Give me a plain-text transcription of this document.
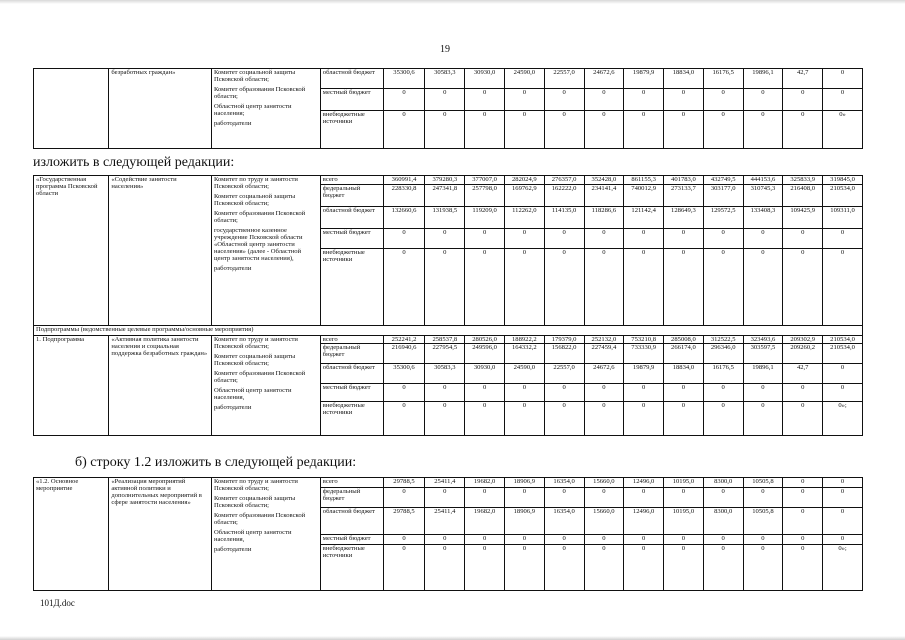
19
	безработных граждан»	Комитет социальной защиты Псковской области;
Комитет образования Псковской области;
Областной центр занятости населения;
работодатели	областной бюджет	35300,6	30583,3	30930,0	24590,0	22557,0	24672,6	19879,9	18834,0	16176,5	19896,1	42,7	0
			местный бюджет	0	0	0	0	0	0	0	0	0	0	0	0
			внебюджетные источники	0	0	0	0	0	0	0	0	0	0	0	0»
изложить в следующей редакции:
«Государственная программа Псковской области	«Содействие занятости населения»	Комитет по труду и занятости Псковской области;
Комитет социальной защиты Псковской области;
Комитет образования Псковской области;
государственное казенное учреждение Псковской области «Областной центр занятости населения» (далее - Областной центр занятости населения),
работодатели	всего	360991,4	379280,3	377007,0	282024,9	276357,0	352428,0	861155,3	401783,0	432749,5	444153,6	325833,9	319845,0
			федеральный бюджет	228330,8	247341,8	257798,0	169762,9	162222,0	234141,4	740012,9	273133,7	303177,0	310745,3	216408,0	210534,0
			областной бюджет	132660,6	131938,5	119209,0	112262,0	114135,0	118286,6	121142,4	128649,3	129572,5	133408,3	109425,9	109311,0
			местный бюджет	0	0	0	0	0	0	0	0	0	0	0	0
			внебюджетные источники	0	0	0	0	0	0	0	0	0	0	0	0
Подпрограммы (ведомственные целевые программы/основные мероприятия)															
1. Подпрограмма	«Активная политика занятости населения и социальная поддержка безработных граждан»	Комитет по труду и занятости Псковской области;
Комитет социальной защиты Псковской области;
Комитет образования Псковской области;
Областной центр занятости населения,
работодатели	всего	252241,2	258537,8	280526,0	188922,2	179379,0	252132,0	753210,8	285008,0	312522,5	323493,6	209302,9	210534,0
			федеральный бюджет	216940,6	227954,5	249596,0	164332,2	156822,0	227459,4	733330,9	266174,0	296346,0	303597,5	209260,2	210534,0
			областной бюджет	35300,6	30583,3	30930,0	24590,0	22557,0	24672,6	19879,9	18834,0	16176,5	19896,1	42,7	0
			местный бюджет	0	0	0	0	0	0	0	0	0	0	0	0
			внебюджетные источники	0	0	0	0	0	0	0	0	0	0	0	0»;
б) строку 1.2 изложить в следующей редакции:
«1.2. Основное мероприятие	«Реализация мероприятий активной политики и дополнительных мероприятий в сфере занятости населения»	Комитет по труду и занятости Псковской области;
Комитет социальной защиты Псковской области;
Комитет образования Псковской области;
Областной центр занятости населения,
работодатели	всего	29788,5	25411,4	19682,0	18906,9	16354,0	15660,0	12496,0	10195,0	8300,0	10505,8	0	0
			федеральный бюджет	0	0	0	0	0	0	0	0	0	0	0	0
			областной бюджет	29788,5	25411,4	19682,0	18906,9	16354,0	15660,0	12496,0	10195,0	8300,0	10505,8	0	0
			местный бюджет	0	0	0	0	0	0	0	0	0	0	0	0
			внебюджетные источники	0	0	0	0	0	0	0	0	0	0	0	0»;
101Д.doc
